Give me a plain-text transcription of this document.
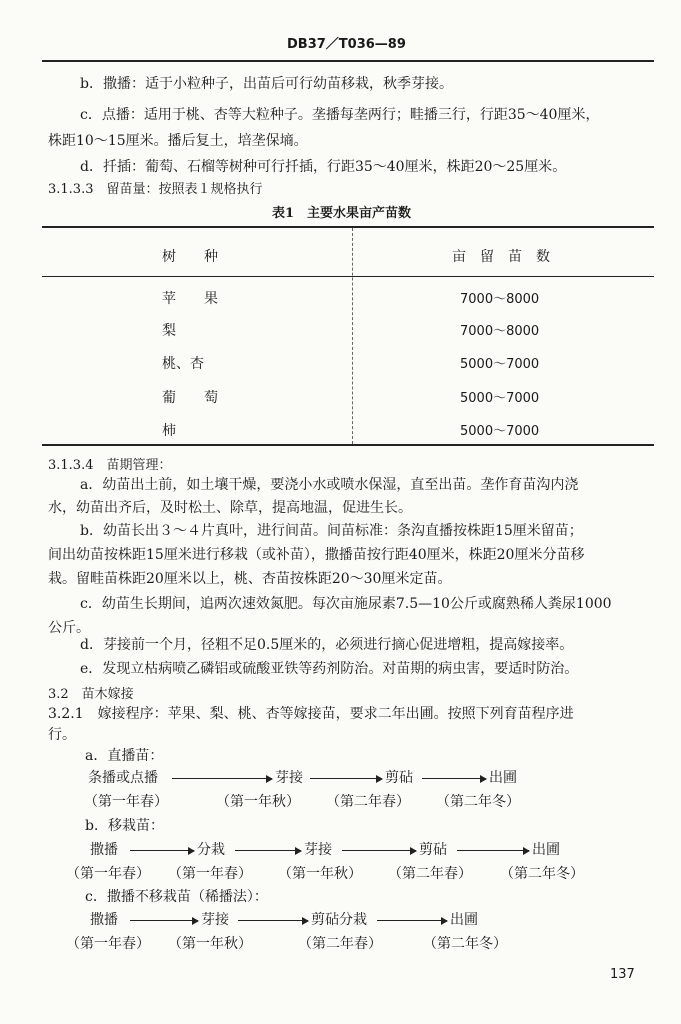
DB37／T036—89
b．撒播：适于小粒种子，出苗后可行幼苗移栽，秋季芽接。
c．点播：适用于桃、杏等大粒种子。垄播每垄两行；畦播三行，行距35～40厘米，
株距10～15厘米。播后复土，培垄保墒。
d．扦插：葡萄、石榴等树种可行扦插，行距35～40厘米，株距20～25厘米。
3.1.3.3　留苗量：按照表１规格执行
表1　主要水果亩产苗数
树　　种	亩　留　苗　数
苹　　果	7000～8000
梨	7000～8000
桃、杏	5000～7000
葡　　萄	5000～7000
柿	5000～7000
3.1.3.4　苗期管理：
a．幼苗出土前，如土壤干燥，要浇小水或喷水保湿，直至出苗。垄作育苗沟内浇
水，幼苗出齐后，及时松土、除草，提高地温，促进生长。
b．幼苗长出３～４片真叶，进行间苗。间苗标准：条沟直播按株距15厘米留苗；
间出幼苗按株距15厘米进行移栽（或补苗），撒播苗按行距40厘米，株距20厘米分苗移
栽。留畦苗株距20厘米以上，桃、杏苗按株距20～30厘米定苗。
c．幼苗生长期间，追两次速效氮肥。每次亩施尿素7.5—10公斤或腐熟稀人粪尿1000
公斤。
d．芽接前一个月，径粗不足0.5厘米的，必须进行摘心促进增粗，提高嫁接率。
e．发现立枯病喷乙磷铝或硫酸亚铁等药剂防治。对苗期的病虫害，要适时防治。
3.2　苗木嫁接
3.2.1　嫁接程序：苹果、梨、桃、杏等嫁接苗，要求二年出圃。按照下列育苗程序进
行。
a．直播苗：
条播或点播	芽接	剪砧	出圃
（第一年春）	（第一年秋） （第二年春） （第二年冬）
b．移栽苗：
撒播	分栽	芽接	剪砧	出圃
（第一年春） （第一年春） （第一年秋） （第二年春） （第二年冬）
c．撒播不移栽苗（稀播法）：
撒播	芽接	剪砧分栽	出圃
（第一年春） （第一年秋）	（第二年春）	（第二年冬）
137
